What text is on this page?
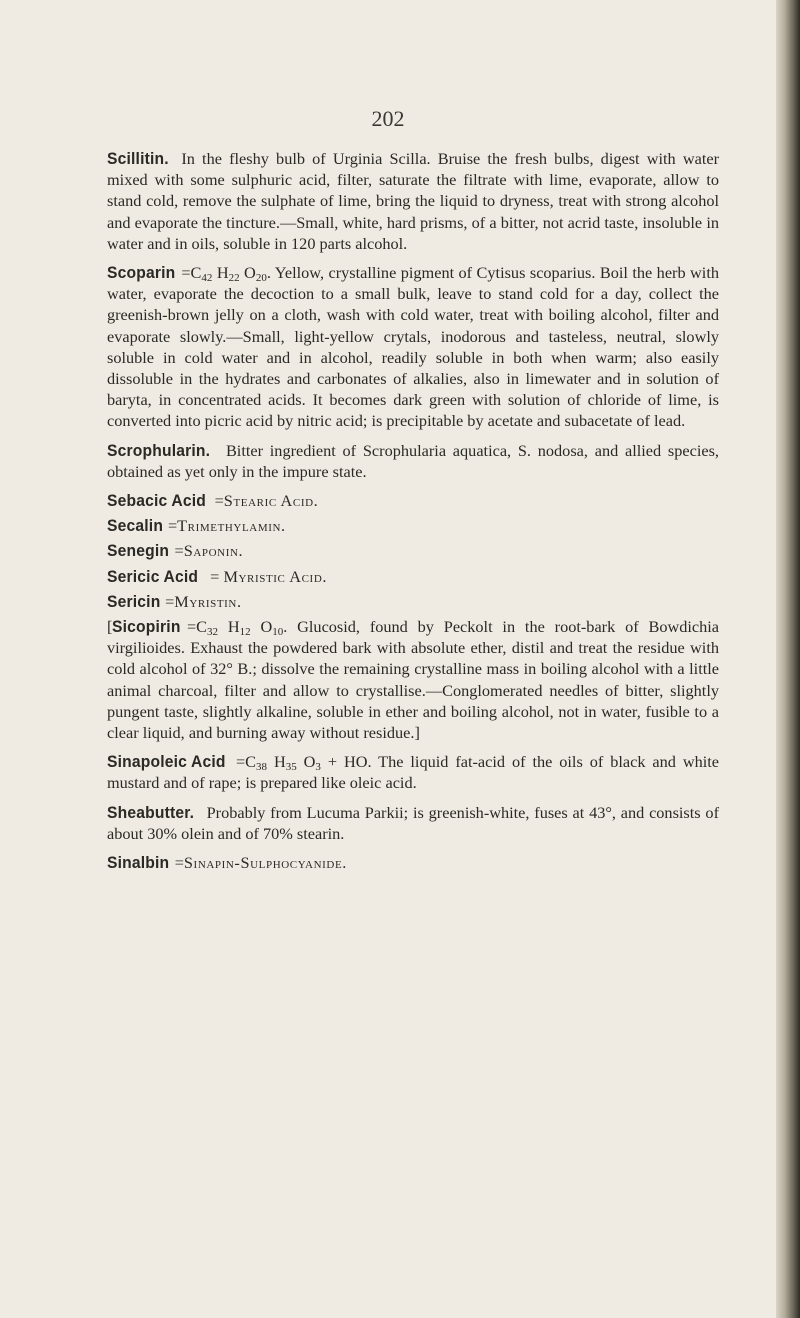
202

Scillitin. In the fleshy bulb of Urginia Scilla. Bruise the fresh bulbs, digest with water mixed with some sulphuric acid, filter, saturate the filtrate with lime, evaporate, allow to stand cold, remove the sulphate of lime, bring the liquid to dryness, treat with strong alcohol and evaporate the tincture.—Small, white, hard prisms, of a bitter, not acrid taste, insoluble in water and in oils, soluble in 120 parts alcohol.

Scoparin $=C_{42}$ $H_{22}$ $O_{20}$. Yellow, crystalline pigment of Cytisus scoparius. Boil the herb with water, evaporate the decoction to a small bulk, leave to stand cold for a day, collect the greenish-brown jelly on a cloth, wash with cold water, treat with boiling alcohol, filter and evaporate slowly.—Small, light-yellow crytals, inodorous and tasteless, neutral, slowly soluble in cold water and in alcohol, readily soluble in both when warm; also easily dissoluble in the hydrates and carbonates of alkalies, also in limewater and in solution of baryta, in concentrated acids. It becomes dark green with solution of chloride of lime, is converted into picric acid by nitric acid; is precipitable by acetate and subacetate of lead.

Scrophularin. Bitter ingredient of Scrophularia aquatica, S. nodosa, and allied species, obtained as yet only in the impure state.

Sebacic Acid =Stearic Acid.

Secalin =Trimethylamin.

Senegin =Saponin.

Sericic Acid = Myristic Acid.

Sericin =Myristin.

[Sicopirin $=C_{32}$ $H_{12}$ $O_{10}$. Glucosid, found by Peckolt in the root-bark of Bowdichia virgilioides. Exhaust the powdered bark with absolute ether, distil and treat the residue with cold alcohol of 32° B.; dissolve the remaining crystalline mass in boiling alcohol with a little animal charcoal, filter and allow to crystallise.—Conglomerated needles of bitter, slightly pungent taste, slightly alkaline, soluble in ether and boiling alcohol, not in water, fusible to a clear liquid, and burning away without residue.]

Sinapoleic Acid $=C_{38}$ $H_{35}$ $O_3$ + HO. The liquid fat-acid of the oils of black and white mustard and of rape; is prepared like oleic acid.

Sheabutter. Probably from Lucuma Parkii; is greenish-white, fuses at 43°, and consists of about 30% olein and of 70% stearin.

Sinalbin =Sinapin-Sulphocyanide.
